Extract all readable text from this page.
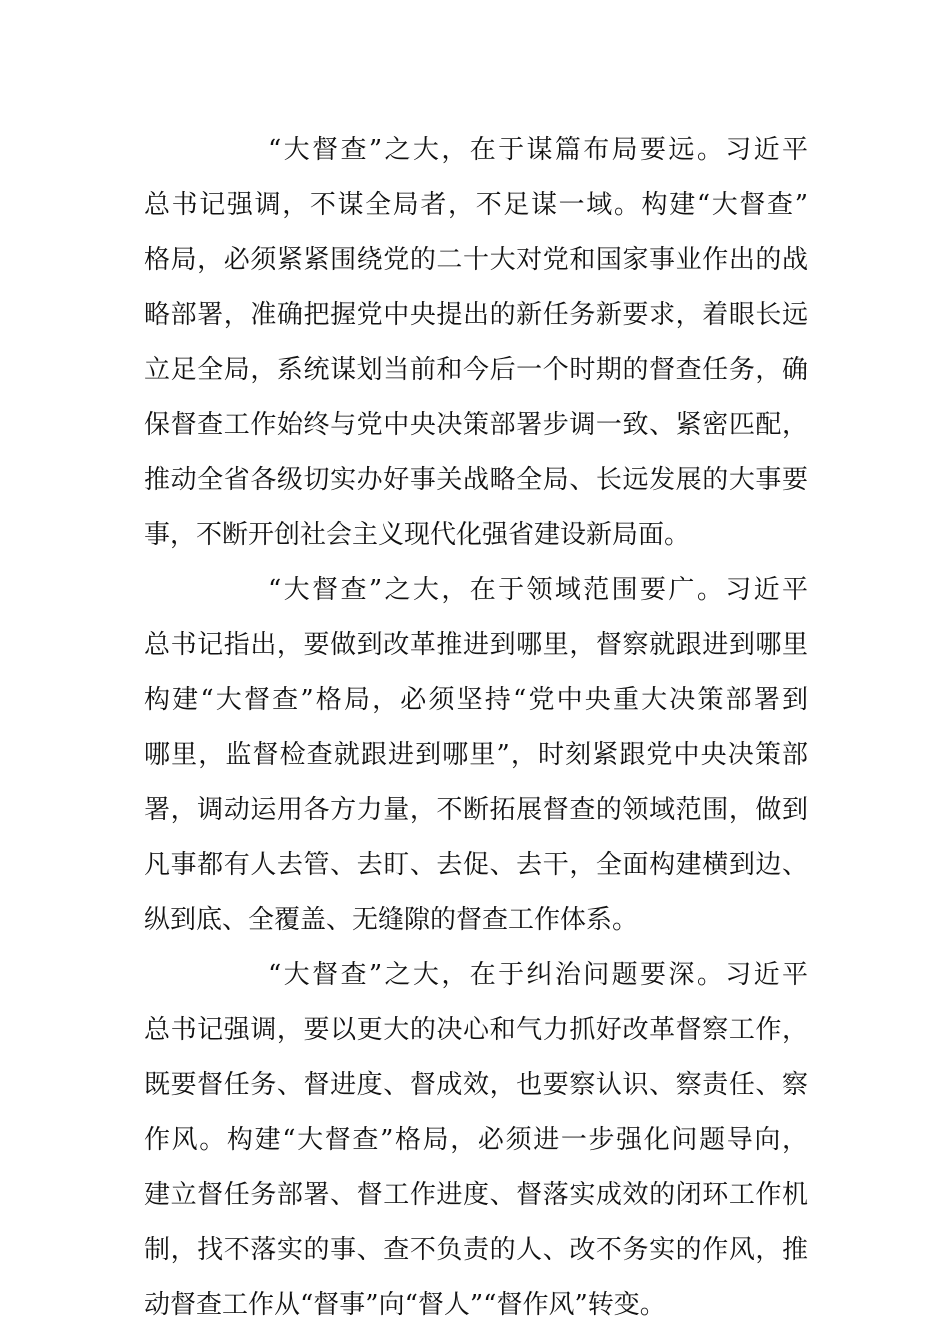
“大督查”之大，在于谋篇布局要远。习近平
总书记强调，不谋全局者，不足谋一域。构建“大督查”
格局，必须紧紧围绕党的二十大对党和国家事业作出的战
略部署，准确把握党中央提出的新任务新要求，着眼长远
立足全局，系统谋划当前和今后一个时期的督查任务，确
保督查工作始终与党中央决策部署步调一致、紧密匹配，
推动全省各级切实办好事关战略全局、长远发展的大事要
事，不断开创社会主义现代化强省建设新局面。
“大督查”之大，在于领域范围要广。习近平
总书记指出，要做到改革推进到哪里，督察就跟进到哪里
构建“大督查”格局，必须坚持“党中央重大决策部署到
哪里，监督检查就跟进到哪里”，时刻紧跟党中央决策部
署，调动运用各方力量，不断拓展督查的领域范围，做到
凡事都有人去管、去盯、去促、去干，全面构建横到边、
纵到底、全覆盖、无缝隙的督查工作体系。
“大督查”之大，在于纠治问题要深。习近平
总书记强调，要以更大的决心和气力抓好改革督察工作，
既要督任务、督进度、督成效，也要察认识、察责任、察
作风。构建“大督查”格局，必须进一步强化问题导向，
建立督任务部署、督工作进度、督落实成效的闭环工作机
制，找不落实的事、查不负责的人、改不务实的作风，推
动督查工作从“督事”向“督人”“督作风”转变。
